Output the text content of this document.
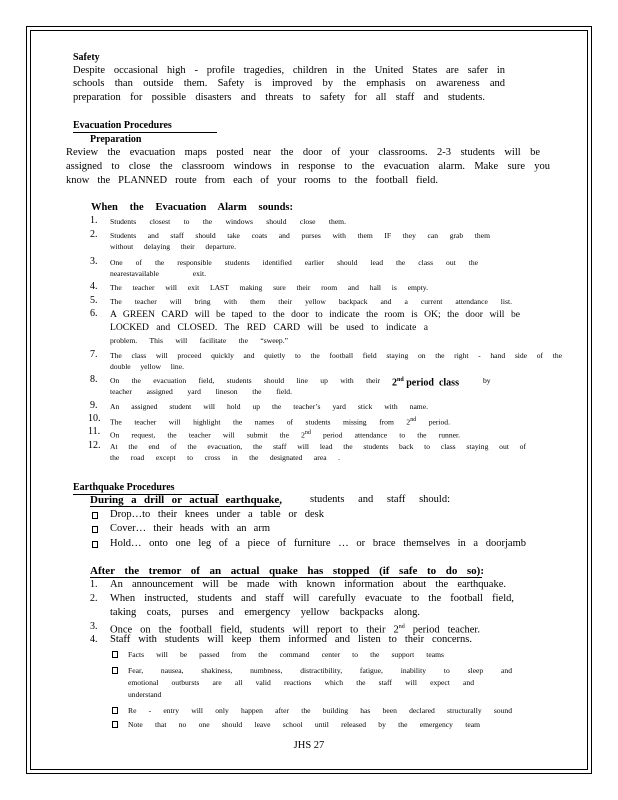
Safety
Despite occasional high - profile tragedies, children in the United States are safer in
schools than outside them. Safety is improved by the emphasis on awareness and
preparation for possible disasters and threats to safety for all staff and students.
Evacuation Procedures
Preparation
Review the evacuation maps posted near the door of your classrooms. 2-3 students will be
assigned to close the classroom windows in response to the evacuation alarm. Make sure you
know the PLANNED route from each of your rooms to the football field.
When the Evacuation Alarm sounds:
1. Students closest to the windows should close them.
2. Students and staff should take coats and purses with them IF they can grab them
without delaying their departure.
3. One of the responsible students identified earlier should lead the class out the
nearestavailable exit.
4. The teacher will exit LAST making sure their room and hall is empty.
5. The teacher will bring with them their yellow backpack and a current attendance list.
6. A GREEN CARD will be taped to the door to indicate the room is OK; the door will be
LOCKED and CLOSED. The RED CARD will be used to indicate a
problem. This will facilitate the “sweep.”
7. The class will proceed quickly and quietly to the football field staying on the right - hand side of the
double yellow line.
8. On the evacuation field, students should line up with their 2nd period  class	by
teacher assigned yard lineson the field.
9. An assigned student will hold up the teacher’s yard stick with name.
10. The teacher will highlight the names of students missing from 2nd period.
11. On request, the teacher will submit the 2nd period attendance to the runner.
12. At the end of the evacuation, the staff will lead the students back to class staying out of
the road except to cross in the designated area .
Earthquake Procedures
During a drill or actual earthquake,	students and staff should:
Drop…to their knees under a table or desk
Cover… their heads with an arm
Hold… onto one leg of a piece of furniture … or brace themselves in a doorjamb
After the tremor of an actual quake has stopped (if safe to do so):
1. An announcement will be made with known information about the earthquake.
2. When instructed, students and staff will carefully evacuate to the football field,
taking coats, purses and emergency yellow backpacks along.
3. Once on the football field, students will report to their 2nd period teacher.
4. Staff with students will keep them informed and listen to their concerns.
Facts will be passed from the command center to the support teams
Fear, nausea, shakiness, numbness, distractibility, fatigue, inability to sleep and
emotional outbursts are all valid reactions which the staff will expect and
understand
Re - entry will only happen after the building has been declared structurally sound
Note that no one should leave school until released by the emergency team
JHS 27
